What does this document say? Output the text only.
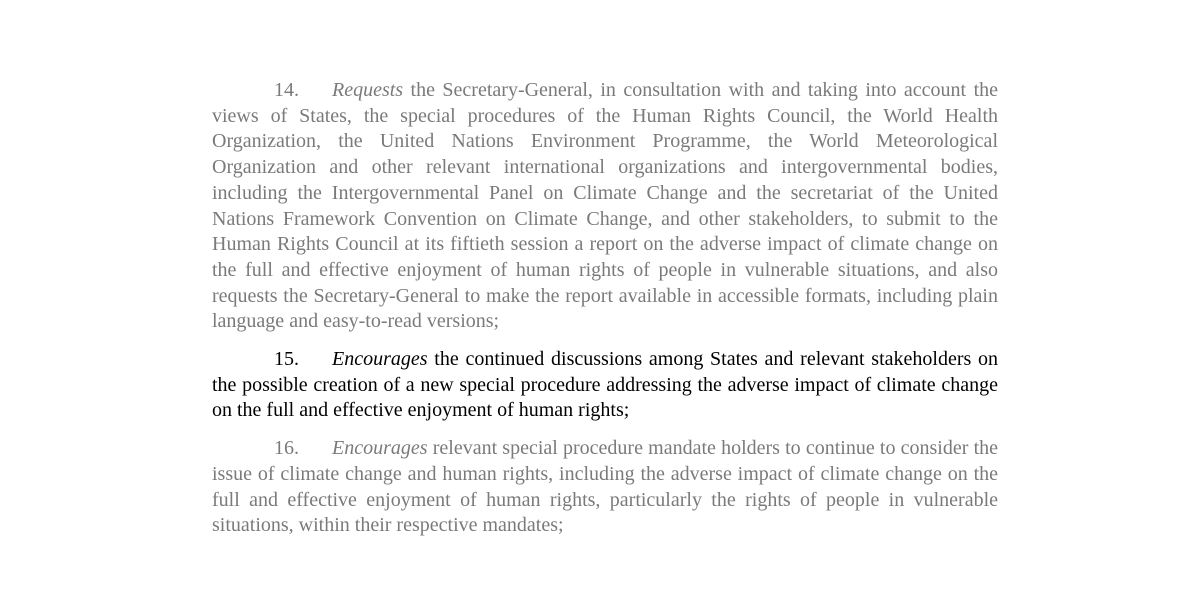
14. Requests the Secretary-General, in consultation with and taking into account the views of States, the special procedures of the Human Rights Council, the World Health Organization, the United Nations Environment Programme, the World Meteorological Organization and other relevant international organizations and intergovernmental bodies, including the Intergovernmental Panel on Climate Change and the secretariat of the United Nations Framework Convention on Climate Change, and other stakeholders, to submit to the Human Rights Council at its fiftieth session a report on the adverse impact of climate change on the full and effective enjoyment of human rights of people in vulnerable situations, and also requests the Secretary-General to make the report available in accessible formats, including plain language and easy-to-read versions;

15. Encourages the continued discussions among States and relevant stakeholders on the possible creation of a new special procedure addressing the adverse impact of climate change on the full and effective enjoyment of human rights;

16. Encourages relevant special procedure mandate holders to continue to consider the issue of climate change and human rights, including the adverse impact of climate change on the full and effective enjoyment of human rights, particularly the rights of people in vulnerable situations, within their respective mandates;
